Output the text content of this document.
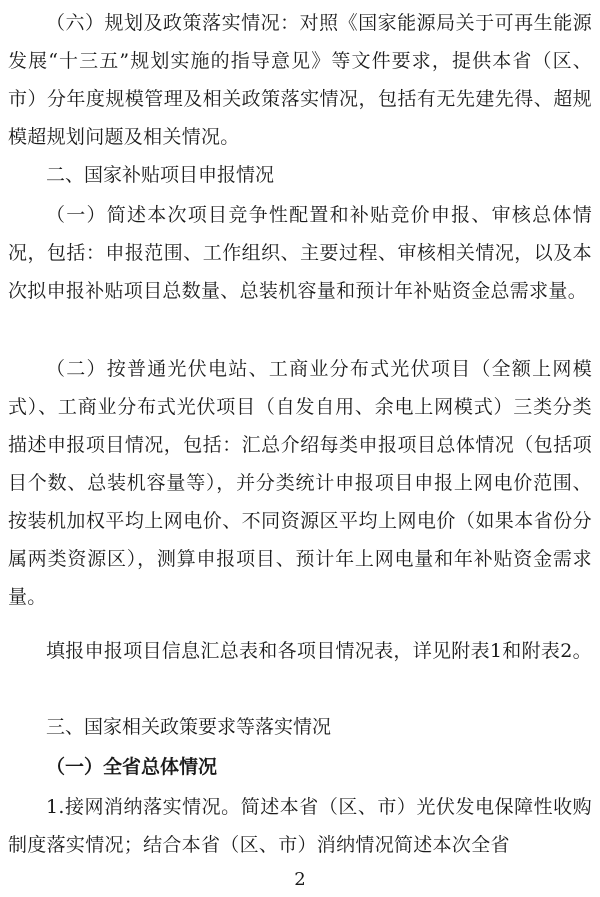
（六）规划及政策落实情况：对照《国家能源局关于可再生能源发展“十三五”规划实施的指导意见》等文件要求，提供本省（区、市）分年度规模管理及相关政策落实情况，包括有无先建先得、超规模超规划问题及相关情况。

二、国家补贴项目申报情况

（一）简述本次项目竞争性配置和补贴竞价申报、审核总体情况，包括：申报范围、工作组织、主要过程、审核相关情况，以及本次拟申报补贴项目总数量、总装机容量和预计年补贴资金总需求量。

（二）按普通光伏电站、工商业分布式光伏项目（全额上网模式）、工商业分布式光伏项目（自发自用、余电上网模式）三类分类描述申报项目情况，包括：汇总介绍每类申报项目总体情况（包括项目个数、总装机容量等），并分类统计申报项目申报上网电价范围、按装机加权平均上网电价、不同资源区平均上网电价（如果本省份分属两类资源区），测算申报项目、预计年上网电量和年补贴资金需求量。

填报申报项目信息汇总表和各项目情况表，详见附表1和附表2。

三、国家相关政策要求等落实情况

（一）全省总体情况

1.接网消纳落实情况。简述本省（区、市）光伏发电保障性收购制度落实情况；结合本省（区、市）消纳情况简述本次全省

2
